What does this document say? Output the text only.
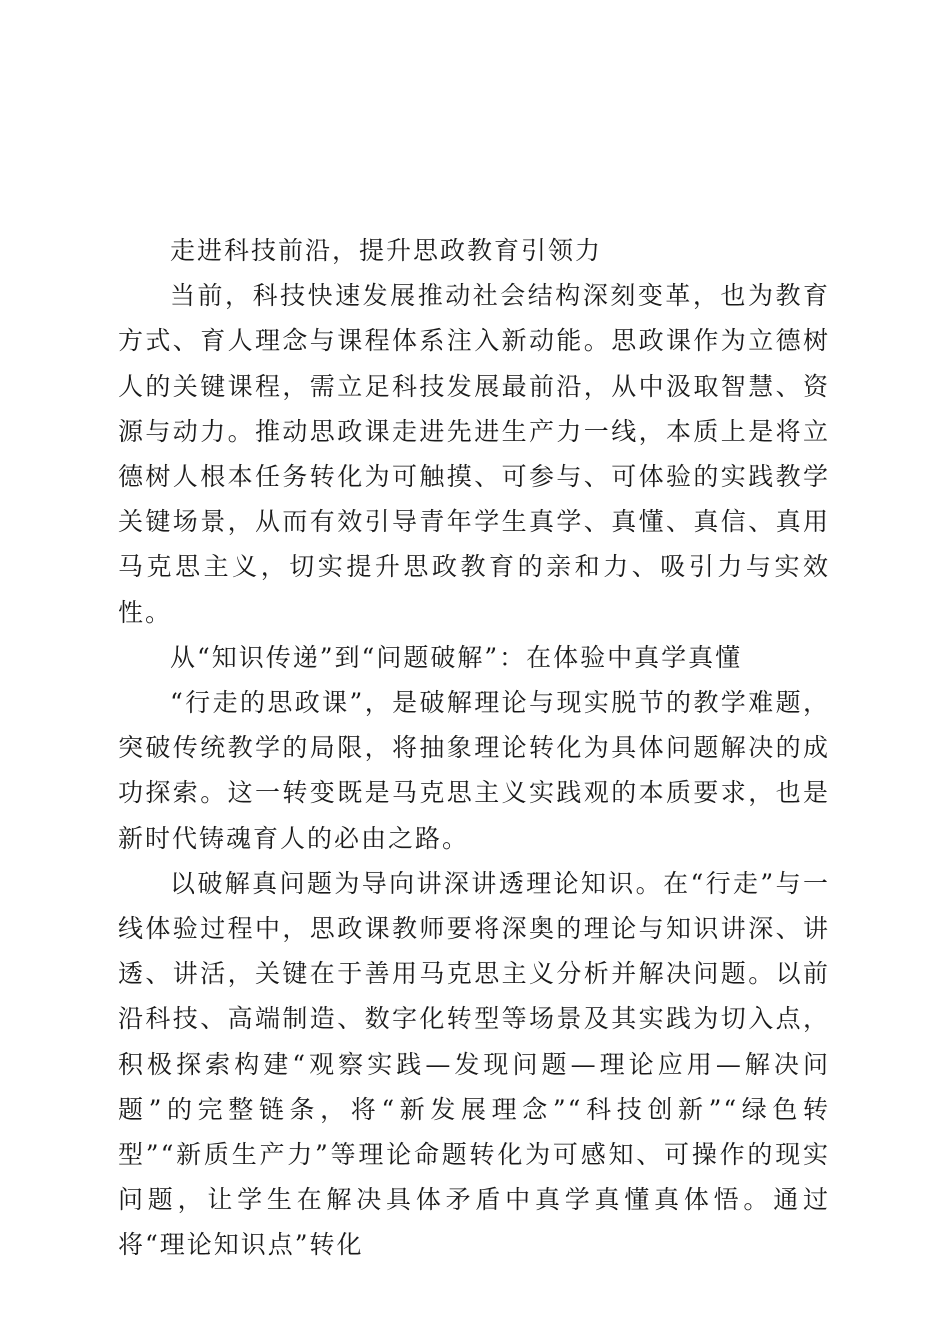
走进科技前沿，提升思政教育引领力

当前，科技快速发展推动社会结构深刻变革，也为教育方式、育人理念与课程体系注入新动能。思政课作为立德树人的关键课程，需立足科技发展最前沿，从中汲取智慧、资源与动力。推动思政课走进先进生产力一线，本质上是将立德树人根本任务转化为可触摸、可参与、可体验的实践教学关键场景，从而有效引导青年学生真学、真懂、真信、真用马克思主义，切实提升思政教育的亲和力、吸引力与实效性。

从“知识传递”到“问题破解”：在体验中真学真懂

“行走的思政课”，是破解理论与现实脱节的教学难题，突破传统教学的局限，将抽象理论转化为具体问题解决的成功探索。这一转变既是马克思主义实践观的本质要求，也是新时代铸魂育人的必由之路。

以破解真问题为导向讲深讲透理论知识。在“行走”与一线体验过程中，思政课教师要将深奥的理论与知识讲深、讲透、讲活，关键在于善用马克思主义分析并解决问题。以前沿科技、高端制造、数字化转型等场景及其实践为切入点，积极探索构建“观察实践—发现问题—理论应用—解决问题”的完整链条，将“新发展理念”“科技创新”“绿色转型”“新质生产力”等理论命题转化为可感知、可操作的现实问题，让学生在解决具体矛盾中真学真懂真体悟。通过将“理论知识点”转化
